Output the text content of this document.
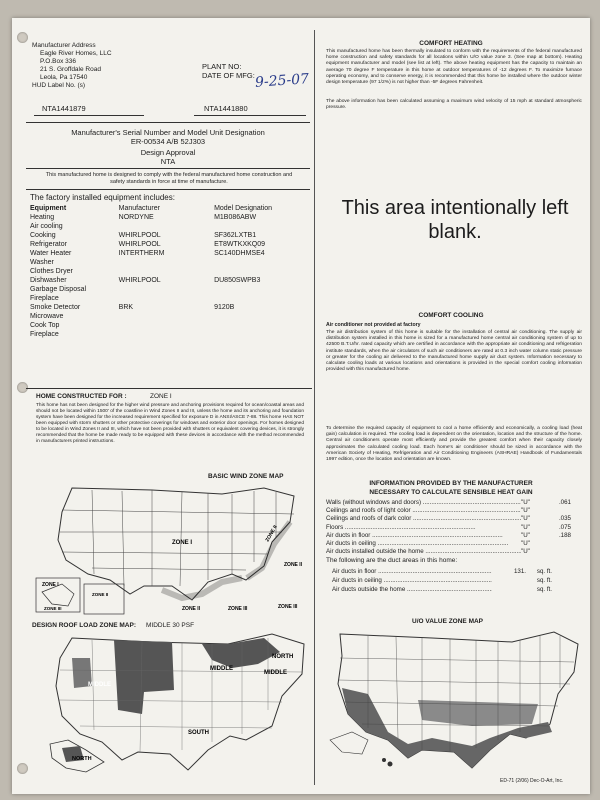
Manufacturer Address
Eagle River Homes, LLC
P.O.Box 336
21 S. Groffdale Road
Leola, Pa 17540
HUD Label No. (s)
PLANT NO:
DATE OF MFG: 9-25-07
NTA1441879	NTA1441880
Manufacturer's Serial Number and Model Unit Designation
ER-00534 A/B 52J303
Design Approval
NTA
This manufactured home is designed to comply with the federal manufactured home construction and safety standards in force at time of manufacture.
The factory installed equipment includes:
Equipment	Manufacturer	Model Designation
Heating	NORDYNE	M1B086ABW
Air cooling
Cooking	WHIRLPOOL	SF362LXTB1
Refrigerator	WHIRLPOOL	ET8WTKXKQ09
Water Heater	INTERTHERM	SC140DHMSE4
Washer
Clothes Dryer
Dishwasher	WHIRLPOOL	DU850SWPB3
Garbage Disposal
Fireplace
Smoke Detector	BRK	9120B
Microwave
Cook Top
Fireplace
HOME CONSTRUCTED FOR :	ZONE I
This home has not been designed for the higher wind pressure and anchoring provisions required for ocean/coastal areas and should not be located within 1500' of the coastline in Wind Zones II and III, unless the home and its anchoring and foundation system have been designed for the increased requirement specified for exposure D in ANSI/ASCE 7-88. This home HAS NOT been equipped with storm shutters or other protective coverings for windows and exterior door openings. For homes designed to be located in Wind Zones II and III, which have not been provided with shutters or equivalent covering devices, it is strongly recommended that the home be made ready to be equipped with these devices in accordance with the method recommended in manufacturers printed instructions.
BASIC WIND ZONE MAP
ZONE I
ZONE II
ZONE III
ZONE I
ZONE II
ZONE III	ZONE II	ZONE III
ZONE II
DESIGN ROOF LOAD ZONE MAP: MIDDLE 30 PSF
NORTH
MIDDLE
MIDDLE
MIDDLE
SOUTH
NORTH
COMFORT HEATING
This manufactured home has been thermally insulated to conform with the requirements of the federal manufactured home construction and safety standards for all locations within U/O value zone 3. (See map at bottom). Heating equipment manufacturer and model (see list at left). The above heating equipment has the capacity to maintain an average 70 degree F temperature in this home at outdoor temperatures of -12 degrees F. To maximize furnace operating economy, and to conserve energy, it is recommended that this home be installed where the outdoor winter design temperature (97 1/2%) is not higher than -5F degrees Fahrenheit.
The above information has been calculated assuming a maximum wind velocity of 15 mph at standard atmospheric pressure.
This area intentionally left blank.
COMFORT COOLING
Air conditioner not provided at factory
The air distribution system of this home is suitable for the installation of central air conditioning. The supply air distribution system installed in this home is sized for a manufactured home central air conditioning system of up to 42500 B.T.U/hr. rated capacity which are certified in accordance with the appropriate air conditioning and refrigeration institute standards, when the air circulators of such air conditioners are rated at 0.3 inch water column static pressure or greater for the cooling air delivered to the manufactured home supply air duct system. Information necessary to calculate cooling loads at various locations and orientations is provided in the special comfort cooling information provided with this manufactured home.
To determine the required capacity of equipment to cool a home efficiently and economically, a cooling load (heat gain) calculation is required. The cooling load is dependent on the orientation, location and the structure of the home. Central air conditioners operate most efficiently and provide the greatest comfort when their capacity closely approximates the calculated cooling load. Each home's air conditioner should be sized in accordance with the American Society of Heating, Refrigeration and Air Conditioning Engineers (ASHRAE) Handbook of Fundamentals 1997 edition, once the location and orientation are known.
INFORMATION PROVIDED BY THE MANUFACTURER
NECESSARY TO CALCULATE SENSIBLE HEAT GAIN
Walls (without windows and doors) .....	"U"	.061
Ceilings and roofs of light color .....	"U"
Ceilings and roofs of dark color .....	"U"	.035
Floors .....	"U"	.075
Air ducts in floor .....	"U"	.188
Air ducts in ceiling .....	"U"
Air ducts installed outside the home .....	"U"
The following are the duct areas in this home:
Air ducts in floor .....	131.	sq. ft.
Air ducts in ceiling .....	sq. ft.
Air ducts outside the home .....	sq. ft.
U/O VALUE ZONE MAP
ED-71 (2/06) Dec-O-Art, Inc.
